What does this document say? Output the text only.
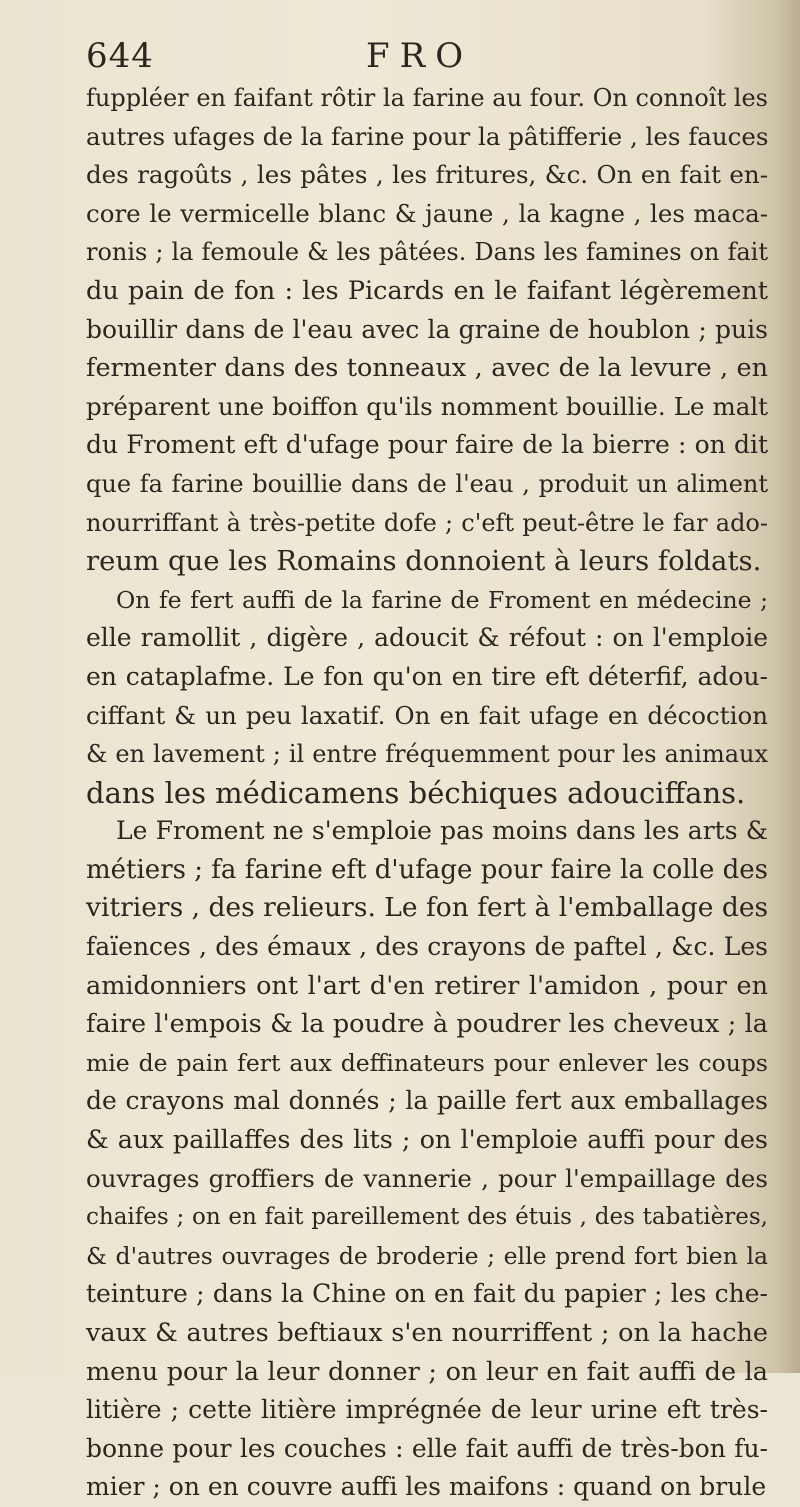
644	FRO
fuppléer en faifant rôtir la farine au four. On connoît les
autres ufages de la farine pour la pâtifferie , les fauces
des ragoûts , les pâtes , les fritures, &c. On en fait en-
core le vermicelle blanc & jaune , la kagne , les maca-
ronis ; la femoule & les pâtées. Dans les famines on fait
du pain de fon : les Picards en le faifant légèrement
bouillir dans de l'eau avec la graine de houblon ; puis
fermenter dans des tonneaux , avec de la levure , en
préparent une boiffon qu'ils nomment bouillie. Le malt
du Froment eft d'ufage pour faire de la bierre : on dit
que fa farine bouillie dans de l'eau , produit un aliment
nourriffant à très-petite dofe ; c'eft peut-être le far ado-
reum que les Romains donnoient à leurs foldats.
On fe fert auffi de la farine de Froment en médecine ;
elle ramollit , digère , adoucit & réfout : on l'emploie
en cataplafme. Le fon qu'on en tire eft déterfif, adou-
ciffant & un peu laxatif. On en fait ufage en décoction
& en lavement ; il entre fréquemment pour les animaux
dans les médicamens béchiques adouciffans.
Le Froment ne s'emploie pas moins dans les arts &
métiers ; fa farine eft d'ufage pour faire la colle des
vitriers , des relieurs. Le fon fert à l'emballage des
faïences , des émaux , des crayons de paftel , &c. Les
amidonniers ont l'art d'en retirer l'amidon , pour en
faire l'empois & la poudre à poudrer les cheveux ; la
mie de pain fert aux deffinateurs pour enlever les coups
de crayons mal donnés ; la paille fert aux emballages
& aux paillaffes des lits ; on l'emploie auffi pour des
ouvrages groffiers de vannerie , pour l'empaillage des
chaifes ; on en fait pareillement des étuis , des tabatières,
& d'autres ouvrages de broderie ; elle prend fort bien la
teinture ; dans la Chine on en fait du papier ; les che-
vaux & autres beftiaux s'en nourriffent ; on la hache
menu pour la leur donner ; on leur en fait auffi de la
litière ; cette litière imprégnée de leur urine eft très-
bonne pour les couches : elle fait auffi de très-bon fu-
mier ; on en couvre auffi les maifons : quand on brule
